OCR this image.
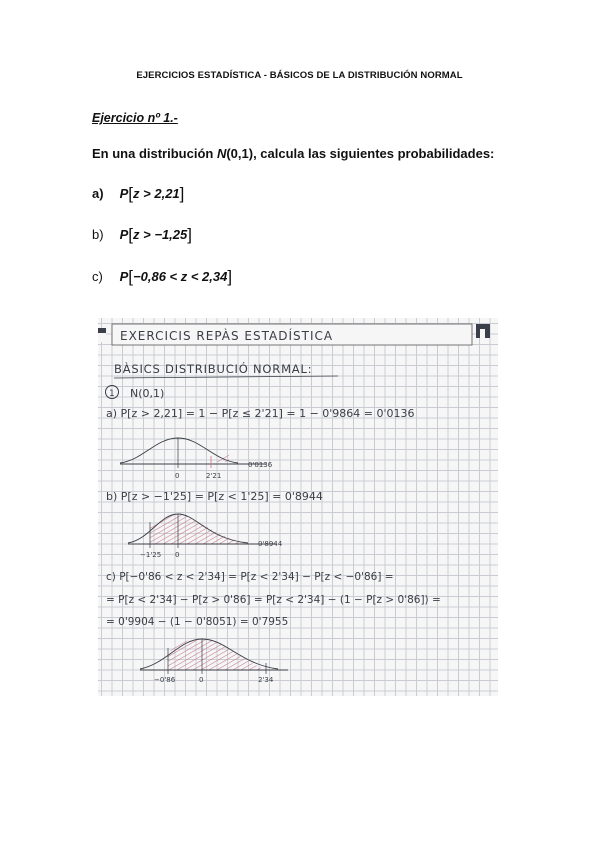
EJERCICIOS ESTADÍSTICA - BÁSICOS DE LA DISTRIBUCIÓN NORMAL
Ejercicio nº 1.-
En una distribución N(0,1), calcula las siguientes probabilidades:
a) P[z > 2,21]
b) P[z > −1,25]
c) P[−0,86 < z < 2,34]
EXERCICIS REPÀS ESTADÍSTICA
BÀSICS DISTRIBUCIÓ NORMAL:
1 N(0,1)
a) P[z > 2,21] = 1 − P[z ≤ 2'21] = 1 − 0'9864 = 0'0136
0	2'21
0'0136
b) P[z > −1'25] = P[z < 1'25] = 0'8944
−1'25 0
0'8944
c) P[−0'86 < z < 2'34] = P[z < 2'34] − P[z < −0'86] =
= P[z < 2'34] − P[z > 0'86] = P[z < 2'34] − (1 − P[z > 0'86]) =
= 0'9904 − (1 − 0'8051) = 0'7955
−0'86	0	2'34
